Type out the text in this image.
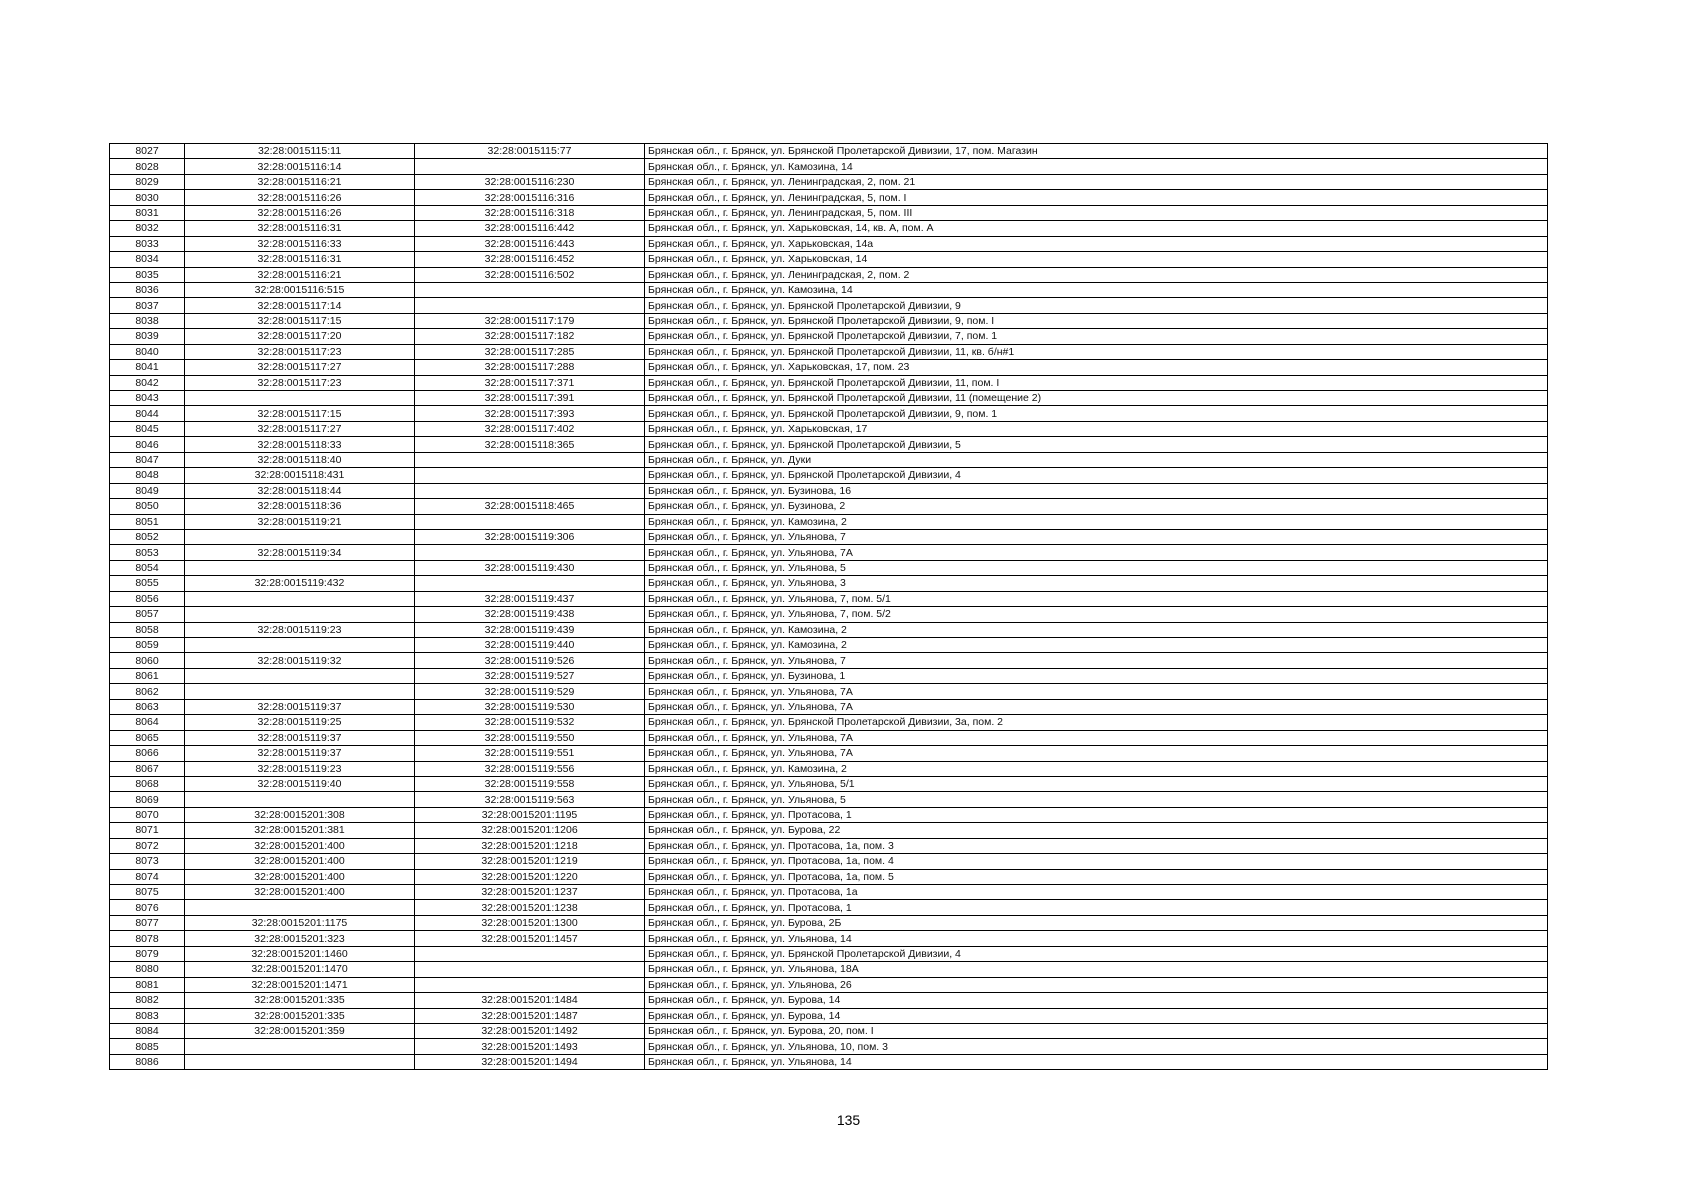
8027	32:28:0015115:11	32:28:0015115:77	Брянская обл., г. Брянск, ул. Брянской Пролетарской Дивизии, 17, пом. Магазин
8028	32:28:0015116:14		Брянская обл., г. Брянск, ул. Камозина, 14
8029	32:28:0015116:21	32:28:0015116:230	Брянская обл., г. Брянск, ул. Ленинградская, 2, пом. 21
8030	32:28:0015116:26	32:28:0015116:316	Брянская обл., г. Брянск, ул. Ленинградская, 5, пом. I
8031	32:28:0015116:26	32:28:0015116:318	Брянская обл., г. Брянск, ул. Ленинградская, 5, пом. III
8032	32:28:0015116:31	32:28:0015116:442	Брянская обл., г. Брянск, ул. Харьковская, 14, кв. А, пом. А
8033	32:28:0015116:33	32:28:0015116:443	Брянская обл., г. Брянск, ул. Харьковская, 14а
8034	32:28:0015116:31	32:28:0015116:452	Брянская обл., г. Брянск, ул. Харьковская, 14
8035	32:28:0015116:21	32:28:0015116:502	Брянская обл., г. Брянск, ул. Ленинградская, 2, пом. 2
8036	32:28:0015116:515		Брянская обл., г. Брянск, ул. Камозина, 14
8037	32:28:0015117:14		Брянская обл., г. Брянск, ул. Брянской Пролетарской Дивизии, 9
8038	32:28:0015117:15	32:28:0015117:179	Брянская обл., г. Брянск, ул. Брянской Пролетарской Дивизии, 9, пом. I
8039	32:28:0015117:20	32:28:0015117:182	Брянская обл., г. Брянск, ул. Брянской Пролетарской Дивизии, 7, пом. 1
8040	32:28:0015117:23	32:28:0015117:285	Брянская обл., г. Брянск, ул. Брянской Пролетарской Дивизии, 11, кв. б/н#1
8041	32:28:0015117:27	32:28:0015117:288	Брянская обл., г. Брянск, ул. Харьковская, 17, пом. 23
8042	32:28:0015117:23	32:28:0015117:371	Брянская обл., г. Брянск, ул. Брянской Пролетарской Дивизии, 11, пом. I
8043		32:28:0015117:391	Брянская обл., г. Брянск, ул. Брянской Пролетарской Дивизии, 11 (помещение 2)
8044	32:28:0015117:15	32:28:0015117:393	Брянская обл., г. Брянск, ул. Брянской Пролетарской Дивизии, 9, пом. 1
8045	32:28:0015117:27	32:28:0015117:402	Брянская обл., г. Брянск, ул. Харьковская, 17
8046	32:28:0015118:33	32:28:0015118:365	Брянская обл., г. Брянск, ул. Брянской Пролетарской Дивизии, 5
8047	32:28:0015118:40		Брянская обл., г. Брянск, ул. Дуки
8048	32:28:0015118:431		Брянская обл., г. Брянск, ул. Брянской Пролетарской Дивизии, 4
8049	32:28:0015118:44		Брянская обл., г. Брянск, ул. Бузинова, 16
8050	32:28:0015118:36	32:28:0015118:465	Брянская обл., г. Брянск, ул. Бузинова, 2
8051	32:28:0015119:21		Брянская обл., г. Брянск, ул. Камозина, 2
8052		32:28:0015119:306	Брянская обл., г. Брянск, ул. Ульянова, 7
8053	32:28:0015119:34		Брянская обл., г. Брянск, ул. Ульянова, 7А
8054		32:28:0015119:430	Брянская обл., г. Брянск, ул. Ульянова, 5
8055	32:28:0015119:432		Брянская обл., г. Брянск, ул. Ульянова, 3
8056		32:28:0015119:437	Брянская обл., г. Брянск, ул. Ульянова, 7, пом. 5/1
8057		32:28:0015119:438	Брянская обл., г. Брянск, ул. Ульянова, 7, пом. 5/2
8058	32:28:0015119:23	32:28:0015119:439	Брянская обл., г. Брянск, ул. Камозина, 2
8059		32:28:0015119:440	Брянская обл., г. Брянск, ул. Камозина, 2
8060	32:28:0015119:32	32:28:0015119:526	Брянская обл., г. Брянск, ул. Ульянова, 7
8061		32:28:0015119:527	Брянская обл., г. Брянск, ул. Бузинова, 1
8062		32:28:0015119:529	Брянская обл., г. Брянск, ул. Ульянова, 7А
8063	32:28:0015119:37	32:28:0015119:530	Брянская обл., г. Брянск, ул. Ульянова, 7А
8064	32:28:0015119:25	32:28:0015119:532	Брянская обл., г. Брянск, ул. Брянской Пролетарской Дивизии, 3а, пом. 2
8065	32:28:0015119:37	32:28:0015119:550	Брянская обл., г. Брянск, ул. Ульянова, 7А
8066	32:28:0015119:37	32:28:0015119:551	Брянская обл., г. Брянск, ул. Ульянова, 7А
8067	32:28:0015119:23	32:28:0015119:556	Брянская обл., г. Брянск, ул. Камозина, 2
8068	32:28:0015119:40	32:28:0015119:558	Брянская обл., г. Брянск, ул. Ульянова, 5/1
8069		32:28:0015119:563	Брянская обл., г. Брянск, ул. Ульянова, 5
8070	32:28:0015201:308	32:28:0015201:1195	Брянская обл., г. Брянск, ул. Протасова, 1
8071	32:28:0015201:381	32:28:0015201:1206	Брянская обл., г. Брянск, ул. Бурова, 22
8072	32:28:0015201:400	32:28:0015201:1218	Брянская обл., г. Брянск, ул. Протасова, 1а, пом. 3
8073	32:28:0015201:400	32:28:0015201:1219	Брянская обл., г. Брянск, ул. Протасова, 1а, пом. 4
8074	32:28:0015201:400	32:28:0015201:1220	Брянская обл., г. Брянск, ул. Протасова, 1а, пом. 5
8075	32:28:0015201:400	32:28:0015201:1237	Брянская обл., г. Брянск, ул. Протасова, 1а
8076		32:28:0015201:1238	Брянская обл., г. Брянск, ул. Протасова, 1
8077	32:28:0015201:1175	32:28:0015201:1300	Брянская обл., г. Брянск, ул. Бурова, 2Б
8078	32:28:0015201:323	32:28:0015201:1457	Брянская обл., г. Брянск, ул. Ульянова, 14
8079	32:28:0015201:1460		Брянская обл., г. Брянск, ул. Брянской Пролетарской Дивизии, 4
8080	32:28:0015201:1470		Брянская обл., г. Брянск, ул. Ульянова, 18А
8081	32:28:0015201:1471		Брянская обл., г. Брянск, ул. Ульянова, 26
8082	32:28:0015201:335	32:28:0015201:1484	Брянская обл., г. Брянск, ул. Бурова, 14
8083	32:28:0015201:335	32:28:0015201:1487	Брянская обл., г. Брянск, ул. Бурова, 14
8084	32:28:0015201:359	32:28:0015201:1492	Брянская обл., г. Брянск, ул. Бурова, 20, пом. I
8085		32:28:0015201:1493	Брянская обл., г. Брянск, ул. Ульянова, 10, пом. 3
8086		32:28:0015201:1494	Брянская обл., г. Брянск, ул. Ульянова, 14
135
